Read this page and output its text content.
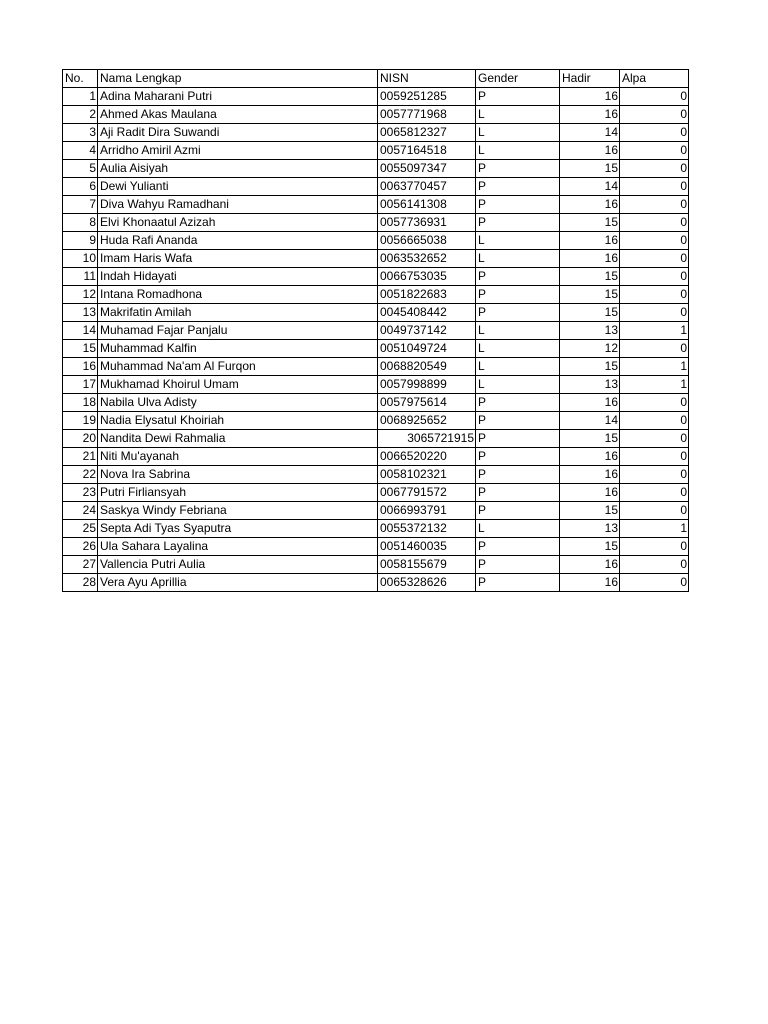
No.	Nama Lengkap	NISN	Gender	Hadir	Alpa
1	Adina Maharani Putri	0059251285	P	16	0
2	Ahmed Akas Maulana	0057771968	L	16	0
3	Aji Radit Dira Suwandi	0065812327	L	14	0
4	Arridho Amiril Azmi	0057164518	L	16	0
5	Aulia Aisiyah	0055097347	P	15	0
6	Dewi Yulianti	0063770457	P	14	0
7	Diva Wahyu Ramadhani	0056141308	P	16	0
8	Elvi Khonaatul Azizah	0057736931	P	15	0
9	Huda Rafi Ananda	0056665038	L	16	0
10	Imam Haris Wafa	0063532652	L	16	0
11	Indah Hidayati	0066753035	P	15	0
12	Intana Romadhona	0051822683	P	15	0
13	Makrifatin Amilah	0045408442	P	15	0
14	Muhamad Fajar Panjalu	0049737142	L	13	1
15	Muhammad Kalfin	0051049724	L	12	0
16	Muhammad Na'am Al Furqon	0068820549	L	15	1
17	Mukhamad Khoirul Umam	0057998899	L	13	1
18	Nabila Ulva Adisty	0057975614	P	16	0
19	Nadia Elysatul Khoiriah	0068925652	P	14	0
20	Nandita Dewi Rahmalia	3065721915	P	15	0
21	Niti Mu'ayanah	0066520220	P	16	0
22	Nova Ira Sabrina	0058102321	P	16	0
23	Putri Firliansyah	0067791572	P	16	0
24	Saskya Windy Febriana	0066993791	P	15	0
25	Septa Adi Tyas Syaputra	0055372132	L	13	1
26	Ula Sahara Layalina	0051460035	P	15	0
27	Vallencia Putri Aulia	0058155679	P	16	0
28	Vera Ayu Aprillia	0065328626	P	16	0
